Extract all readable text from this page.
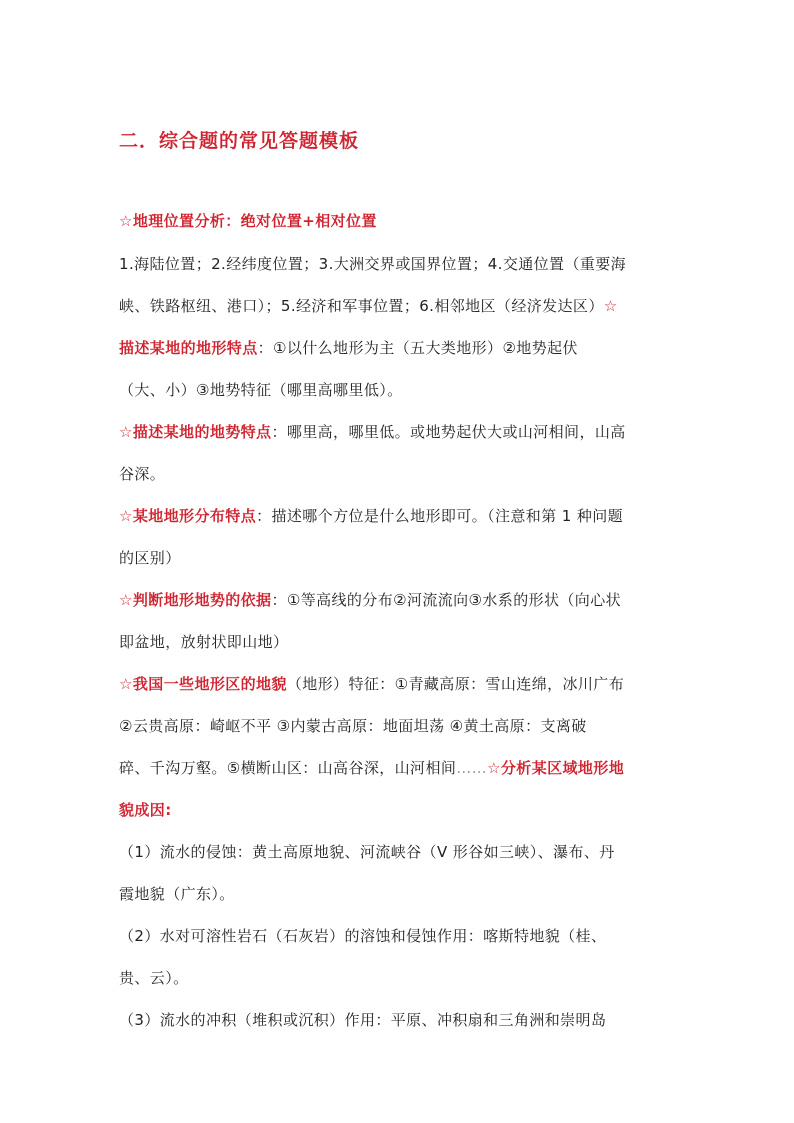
二．综合题的常见答题模板

☆地理位置分析：绝对位置+相对位置

1.海陆位置；2.经纬度位置；3.大洲交界或国界位置；4.交通位置（重要海

峡、铁路枢纽、港口）；5.经济和军事位置；6.相邻地区（经济发达区）☆

描述某地的地形特点：①以什么地形为主（五大类地形）②地势起伏

（大、小）③地势特征（哪里高哪里低）。

☆描述某地的地势特点：哪里高，哪里低。或地势起伏大或山河相间，山高

谷深。

☆某地地形分布特点：描述哪个方位是什么地形即可。（注意和第 1 种问题

的区别）

☆判断地形地势的依据：①等高线的分布②河流流向③水系的形状（向心状

即盆地，放射状即山地）

☆我国一些地形区的地貌（地形）特征：①青藏高原：雪山连绵，冰川广布

②云贵高原：崎岖不平 ③内蒙古高原：地面坦荡 ④黄土高原：支离破

碎、千沟万壑。⑤横断山区：山高谷深，山河相间……☆分析某区域地形地

貌成因:

（1）流水的侵蚀：黄土高原地貌、河流峡谷（V 形谷如三峡）、瀑布、丹

霞地貌（广东）。

（2）水对可溶性岩石（石灰岩）的溶蚀和侵蚀作用：喀斯特地貌（桂、

贵、云）。

（3）流水的冲积（堆积或沉积）作用：平原、冲积扇和三角洲和崇明岛
